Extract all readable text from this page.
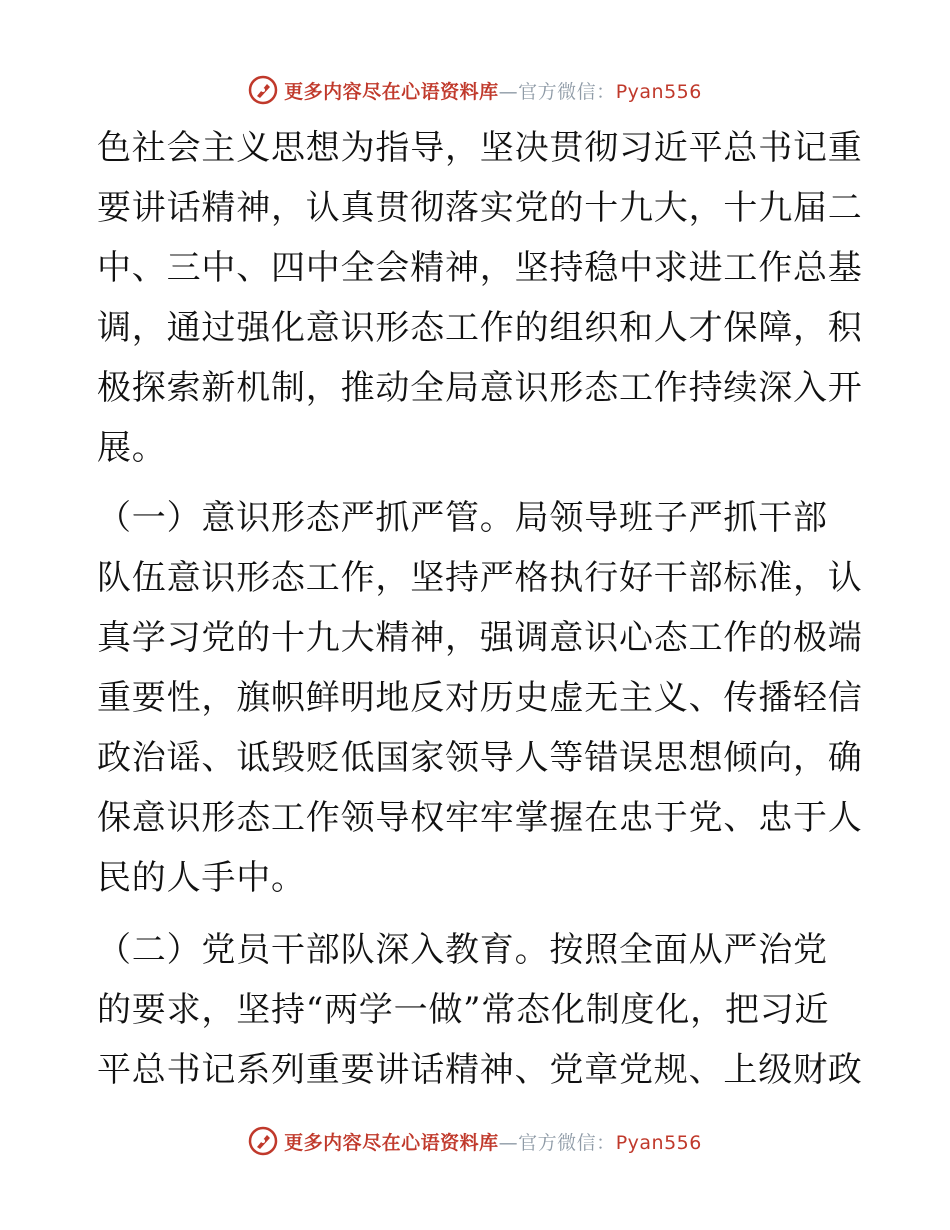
更多内容尽在心语资料库—官方微信：Pyan556
色社会主义思想为指导，坚决贯彻习近平总书记重
要讲话精神，认真贯彻落实党的十九大，十九届二
中、三中、四中全会精神，坚持稳中求进工作总基
调，通过强化意识形态工作的组织和人才保障，积
极探索新机制，推动全局意识形态工作持续深入开
展。
（一）意识形态严抓严管。局领导班子严抓干部
队伍意识形态工作，坚持严格执行好干部标准，认
真学习党的十九大精神，强调意识心态工作的极端
重要性，旗帜鲜明地反对历史虚无主义、传播轻信
政治谣、诋毁贬低国家领导人等错误思想倾向，确
保意识形态工作领导权牢牢掌握在忠于党、忠于人
民的人手中。
（二）党员干部队深入教育。按照全面从严治党
的要求，坚持“两学一做”常态化制度化，把习近
平总书记系列重要讲话精神、党章党规、上级财政
更多内容尽在心语资料库—官方微信：Pyan556
